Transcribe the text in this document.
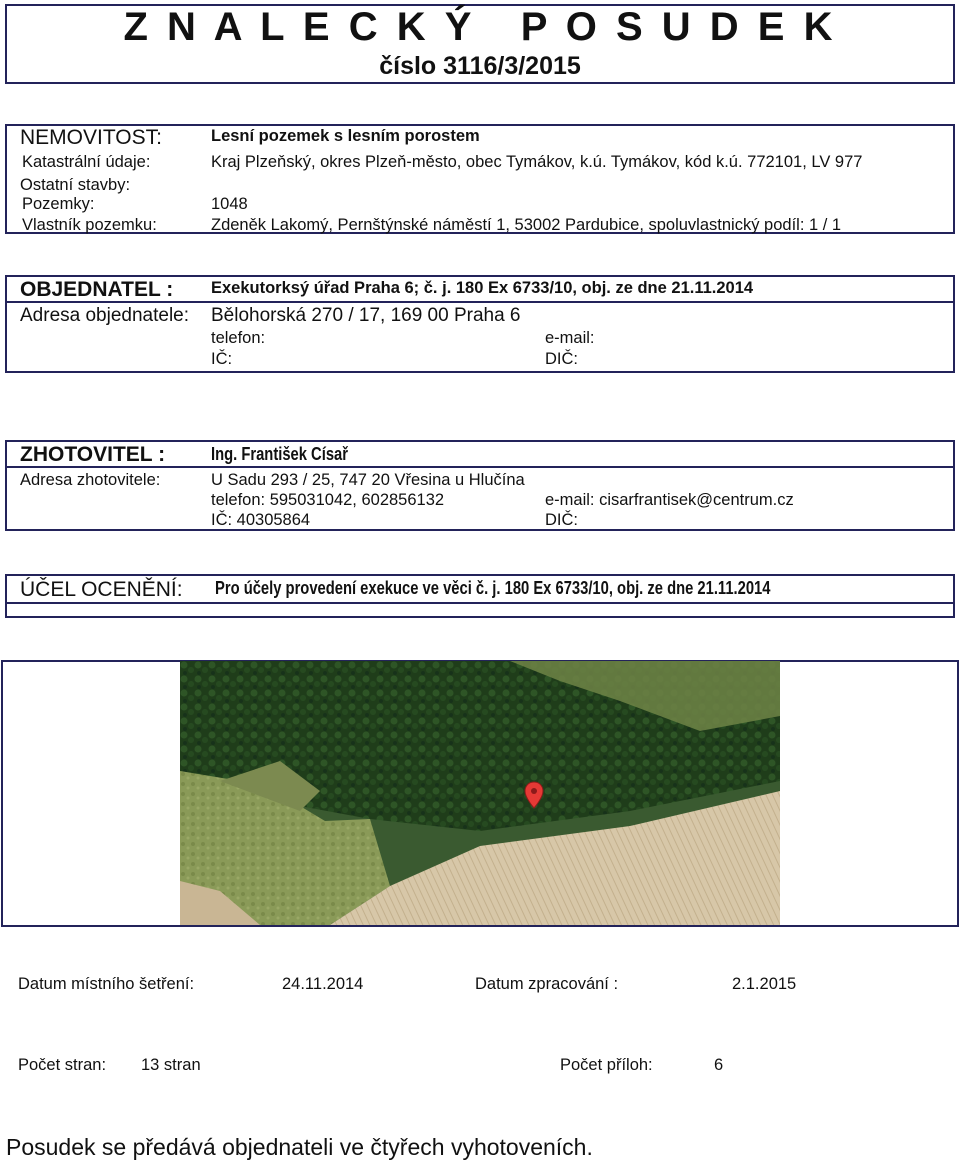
Z N A L E C K Ý   P O S U D E K
číslo 3116/3/2015
NEMOVITOST:	Lesní pozemek s lesním porostem
Katastrální údaje:	Kraj Plzeňský, okres Plzeň-město, obec Tymákov, k.ú. Tymákov, kód k.ú. 772101, LV 977
Ostatní stavby:
Pozemky:	1048
Vlastník pozemku:	Zdeněk Lakomý, Pernštýnské náměstí 1, 53002 Pardubice, spoluvlastnický podíl: 1 / 1
OBJEDNATEL : Exekutorksý úřad Praha 6; č. j. 180 Ex 6733/10, obj. ze dne 21.11.2014
Adresa objednatele: Bělohorská 270 / 17, 169 00 Praha 6
telefon:	e-mail:
IČ:	DIČ:
ZHOTOVITEL :	Ing. František Císař
Adresa zhotovitele:	U Sadu 293 / 25, 747 20 Vřesina u Hlučína
telefon: 595031042, 602856132	e-mail: cisarfrantisek@centrum.cz
IČ: 40305864	DIČ:
ÚČEL OCENĚNÍ: Pro účely provedení exekuce ve věci č. j. 180 Ex 6733/10, obj. ze dne 21.11.2014
Datum místního šetření:	24.11.2014	Datum zpracování :	2.1.2015
Počet stran: 13 stran	Počet příloh:	6
Posudek se předává objednateli ve čtyřech vyhotoveních.
